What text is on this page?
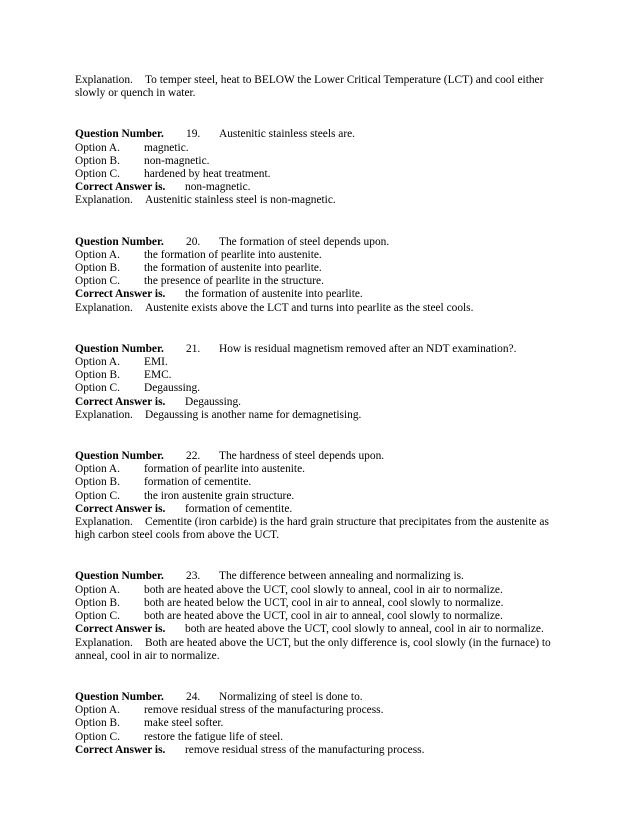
Explanation. To temper steel, heat to BELOW the Lower Critical Temperature (LCT) and cool either slowly or quench in water.

Question Number. 19. Austenitic stainless steels are.
Option A. magnetic.
Option B. non-magnetic.
Option C. hardened by heat treatment.
Correct Answer is. non-magnetic.

Explanation. Austenitic stainless steel is non-magnetic.

Question Number. 20. The formation of steel depends upon.
Option A. the formation of pearlite into austenite.
Option B. the formation of austenite into pearlite.
Option C. the presence of pearlite in the structure.
Correct Answer is. the formation of austenite into pearlite.

Explanation. Austenite exists above the LCT and turns into pearlite as the steel cools.

Question Number. 21. How is residual magnetism removed after an NDT examination?.
Option A. EMI.
Option B. EMC.
Option C. Degaussing.
Correct Answer is. Degaussing.

Explanation. Degaussing is another name for demagnetising.

Question Number. 22. The hardness of steel depends upon.
Option A. formation of pearlite into austenite.
Option B. formation of cementite.
Option C. the iron austenite grain structure.
Correct Answer is. formation of cementite.

Explanation. Cementite (iron carbide) is the hard grain structure that precipitates from the austenite as high carbon steel cools from above the UCT.

Question Number. 23. The difference between annealing and normalizing is.
Option A. both are heated above the UCT, cool slowly to anneal, cool in air to normalize.
Option B. both are heated below the UCT, cool in air to anneal, cool slowly to normalize.
Option C. both are heated above the UCT, cool in air to anneal, cool slowly to normalize.
Correct Answer is. both are heated above the UCT, cool slowly to anneal, cool in air to normalize.

Explanation. Both are heated above the UCT, but the only difference is, cool slowly (in the furnace) to anneal, cool in air to normalize.

Question Number. 24. Normalizing of steel is done to.
Option A. remove residual stress of the manufacturing process.
Option B. make steel softer.
Option C. restore the fatigue life of steel.
Correct Answer is. remove residual stress of the manufacturing process.
